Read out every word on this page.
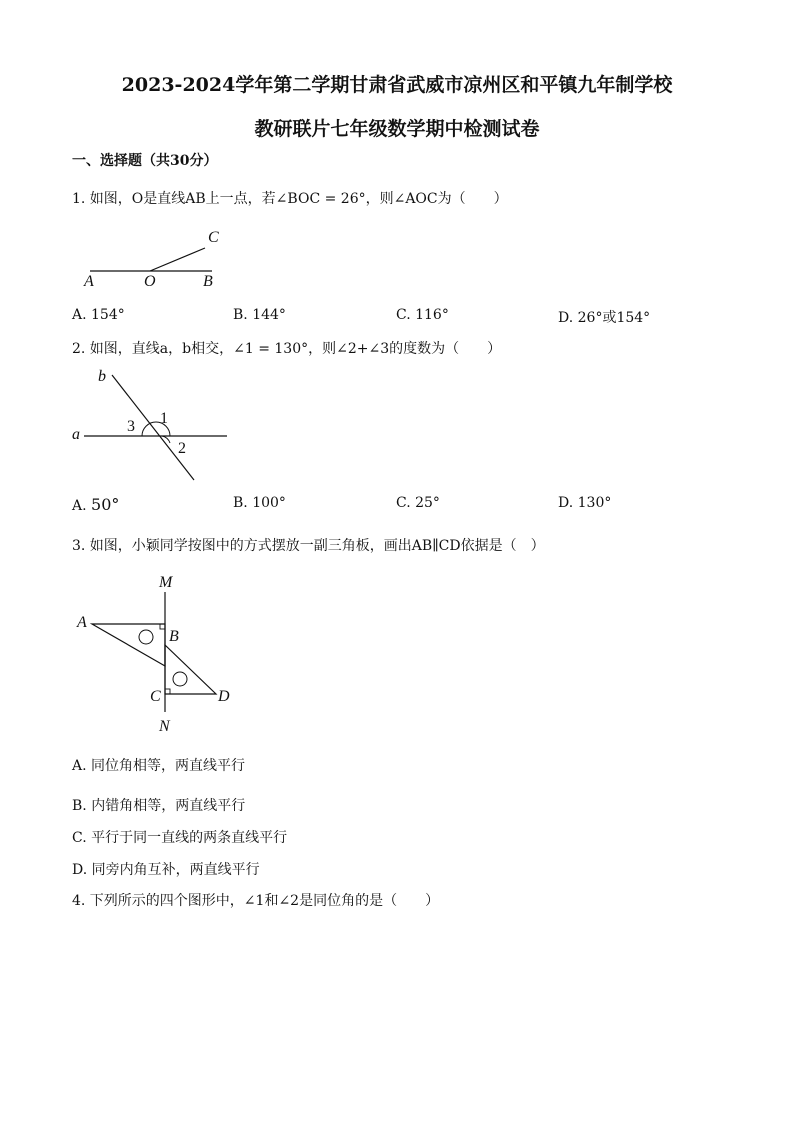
2023-2024学年第二学期甘肃省武威市凉州区和平镇九年制学校
教研联片七年级数学期中检测试卷
一、选择题（共30分）
1. 如图，O是直线AB上一点，若∠BOC = 26°，则∠AOC为（　　）
A	O	B
C
A. 154°	B. 144°	C. 116°	D. 26°或154°
2. 如图，直线a，b相交，∠1 = 130°，则∠2+∠3的度数为（　　）
b
a
1
2
3
A. 50°	B. 100°	C. 25°	D. 130°
3. 如图，小颖同学按图中的方式摆放一副三角板，画出AB∥CD依据是（　）
M
A
B
C	D
N
A. 同位角相等，两直线平行
B. 内错角相等，两直线平行
C. 平行于同一直线的两条直线平行
D. 同旁内角互补，两直线平行
4. 下列所示的四个图形中，∠1和∠2是同位角的是（　　）
